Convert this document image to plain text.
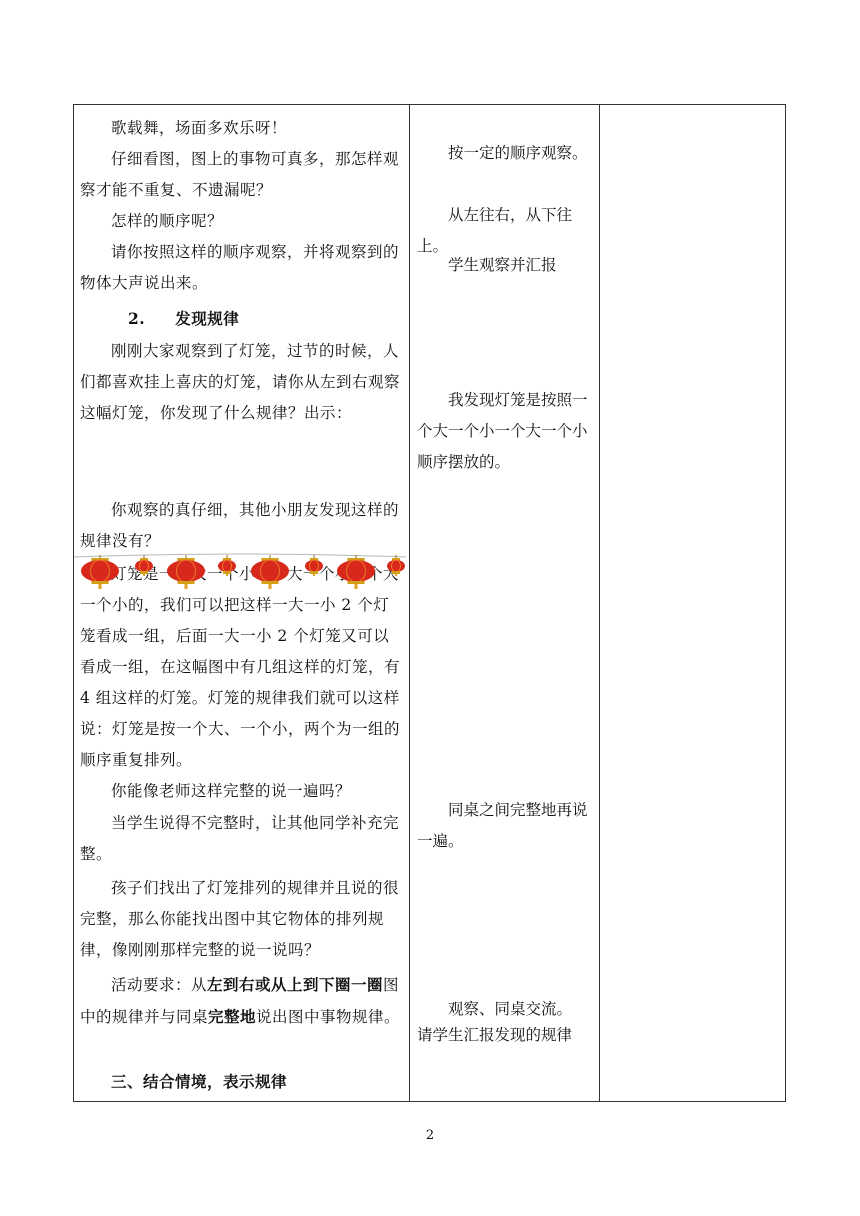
歌载舞，场面多欢乐呀！
仔细看图，图上的事物可真多，那怎样观察才能不重复、不遗漏呢？
怎样的顺序呢？
请你按照这样的顺序观察，并将观察到的物体大声说出来。
2. 发现规律
刚刚大家观察到了灯笼，过节的时候，人们都喜欢挂上喜庆的灯笼，请你从左到右观察这幅灯笼，你发现了什么规律？出示：
你观察的真仔细，其他小朋友发现这样的规律没有？
灯笼是一个大一个小一个大一个小一个大一个小的，我们可以把这样一大一小 2 个灯笼看成一组，后面一大一小 2 个灯笼又可以看成一组，在这幅图中有几组这样的灯笼，有 4 组这样的灯笼。灯笼的规律我们就可以这样说：灯笼是按一个大、一个小，两个为一组的顺序重复排列。
你能像老师这样完整的说一遍吗？
当学生说得不完整时，让其他同学补充完整。
孩子们找出了灯笼排列的规律并且说的很完整，那么你能找出图中其它物体的排列规律，像刚刚那样完整的说一说吗？
活动要求：从左到右或从上到下圈一圈图中的规律并与同桌完整地说出图中事物规律。
三、结合情境，表示规律
按一定的顺序观察。
从左往右，从下往上。
学生观察并汇报
我发现灯笼是按照一个大一个小一个大一个小顺序摆放的。
同桌之间完整地再说一遍。
观察、同桌交流。
请学生汇报发现的规律
2
